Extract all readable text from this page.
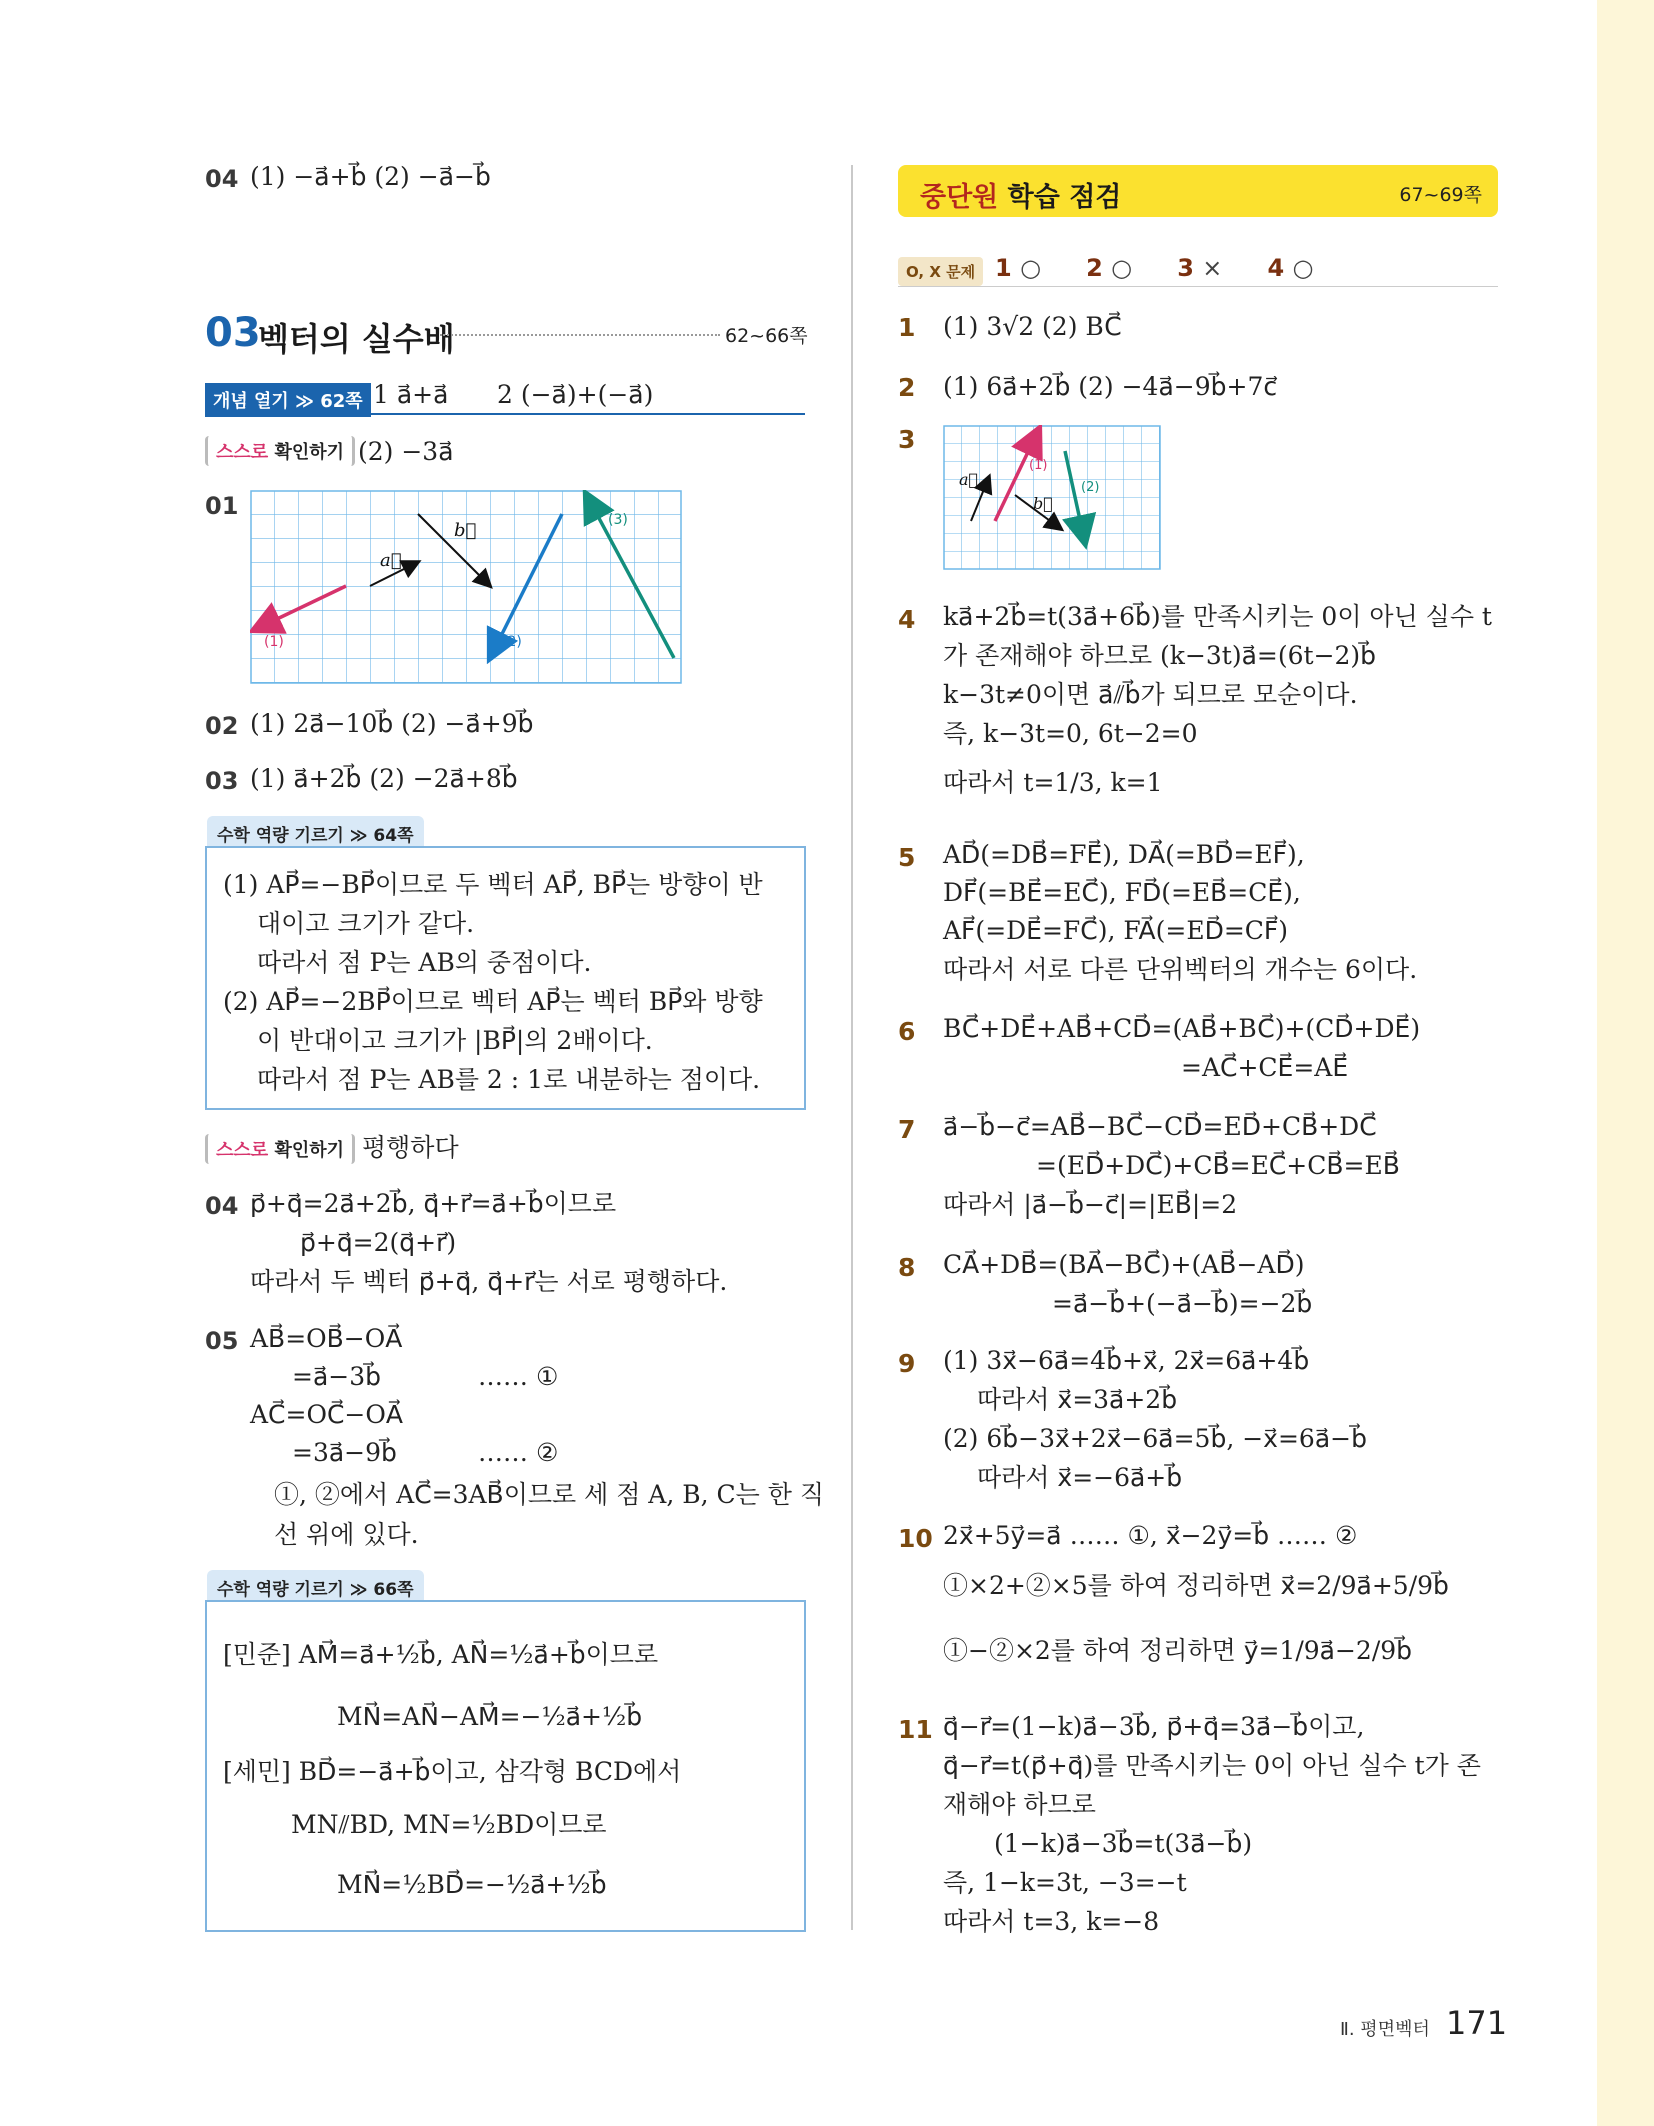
04 (1) −a⃗+b⃗ (2) −a⃗−b⃗
03
벡터의 실수배	62~66쪽
개념 열기 ≫ 62쪽 1 a⃗+a⃗ 2 (−a⃗)+(−a⃗)
스스로 확인하기 (2) −3a⃗
01
(1)	(2)
(3)
a⃗
b⃗
02 (1) 2a⃗−10b⃗ (2) −a⃗+9b⃗
03 (1) a⃗+2b⃗ (2) −2a⃗+8b⃗
수학 역량 기르기 ≫ 64쪽
(1) AP⃗=−BP⃗이므로 두 벡터 AP⃗, BP⃗는 방향이 반
대이고 크기가 같다.
따라서 점 P는 AB의 중점이다.
(2) AP⃗=−2BP⃗이므로 벡터 AP⃗는 벡터 BP⃗와 방향
이 반대이고 크기가 |BP⃗|의 2배이다.
따라서 점 P는 AB를 2 : 1로 내분하는 점이다.
스스로 확인하기 평행하다
04 p⃗+q⃗=2a⃗+2b⃗, q⃗+r⃗=a⃗+b⃗이므로
p⃗+q⃗=2(q⃗+r⃗)
따라서 두 벡터 p⃗+q⃗, q⃗+r⃗는 서로 평행하다.
05 AB⃗=OB⃗−OA⃗
=a⃗−3b⃗	…… ①
AC⃗=OC⃗−OA⃗
=3a⃗−9b⃗	…… ②
①, ②에서 AC⃗=3AB⃗이므로 세 점 A, B, C는 한 직
선 위에 있다.
수학 역량 기르기 ≫ 66쪽
[민준] AM⃗=a⃗+½b⃗, AN⃗=½a⃗+b⃗이므로
MN⃗=AN⃗−AM⃗=−½a⃗+½b⃗
[세민] BD⃗=−a⃗+b⃗이고, 삼각형 BCD에서
MN⫽BD, MN=½BD이므로
MN⃗=½BD⃗=−½a⃗+½b⃗
중단원 학습 점검	67~69쪽
O, X 문제 1 ○ 2 ○ 3 × 4 ○
1 (1) 3√2 (2) BC⃗
2 (1) 6a⃗+2b⃗ (2) −4a⃗−9b⃗+7c⃗
3
a⃗
b⃗
(1)
(2)
4 ka⃗+2b⃗=t(3a⃗+6b⃗)를 만족시키는 0이 아닌 실수 t
가 존재해야 하므로 (k−3t)a⃗=(6t−2)b⃗
k−3t≠0이면 a⃗⫽b⃗가 되므로 모순이다.
즉, k−3t=0, 6t−2=0
따라서 t=1/3, k=1
5 AD⃗(=DB⃗=FE⃗), DA⃗(=BD⃗=EF⃗),
DF⃗(=BE⃗=EC⃗), FD⃗(=EB⃗=CE⃗),
AF⃗(=DE⃗=FC⃗), FA⃗(=ED⃗=CF⃗)
따라서 서로 다른 단위벡터의 개수는 6이다.
6 BC⃗+DE⃗+AB⃗+CD⃗=(AB⃗+BC⃗)+(CD⃗+DE⃗)
=AC⃗+CE⃗=AE⃗
7 a⃗−b⃗−c⃗=AB⃗−BC⃗−CD⃗=ED⃗+CB⃗+DC⃗
=(ED⃗+DC⃗)+CB⃗=EC⃗+CB⃗=EB⃗
따라서 |a⃗−b⃗−c⃗|=|EB⃗|=2
8 CA⃗+DB⃗=(BA⃗−BC⃗)+(AB⃗−AD⃗)
=a⃗−b⃗+(−a⃗−b⃗)=−2b⃗
9 (1) 3x⃗−6a⃗=4b⃗+x⃗, 2x⃗=6a⃗+4b⃗
따라서 x⃗=3a⃗+2b⃗
(2) 6b⃗−3x⃗+2x⃗−6a⃗=5b⃗, −x⃗=6a⃗−b⃗
따라서 x⃗=−6a⃗+b⃗
10 2x⃗+5y⃗=a⃗ …… ①, x⃗−2y⃗=b⃗ …… ②
①×2+②×5를 하여 정리하면 x⃗=2/9a⃗+5/9b⃗
①−②×2를 하여 정리하면 y⃗=1/9a⃗−2/9b⃗
11 q⃗−r⃗=(1−k)a⃗−3b⃗, p⃗+q⃗=3a⃗−b⃗이고,
q⃗−r⃗=t(p⃗+q⃗)를 만족시키는 0이 아닌 실수 t가 존
재해야 하므로
(1−k)a⃗−3b⃗=t(3a⃗−b⃗)
즉, 1−k=3t, −3=−t
따라서 t=3, k=−8
Ⅱ. 평면벡터 171
